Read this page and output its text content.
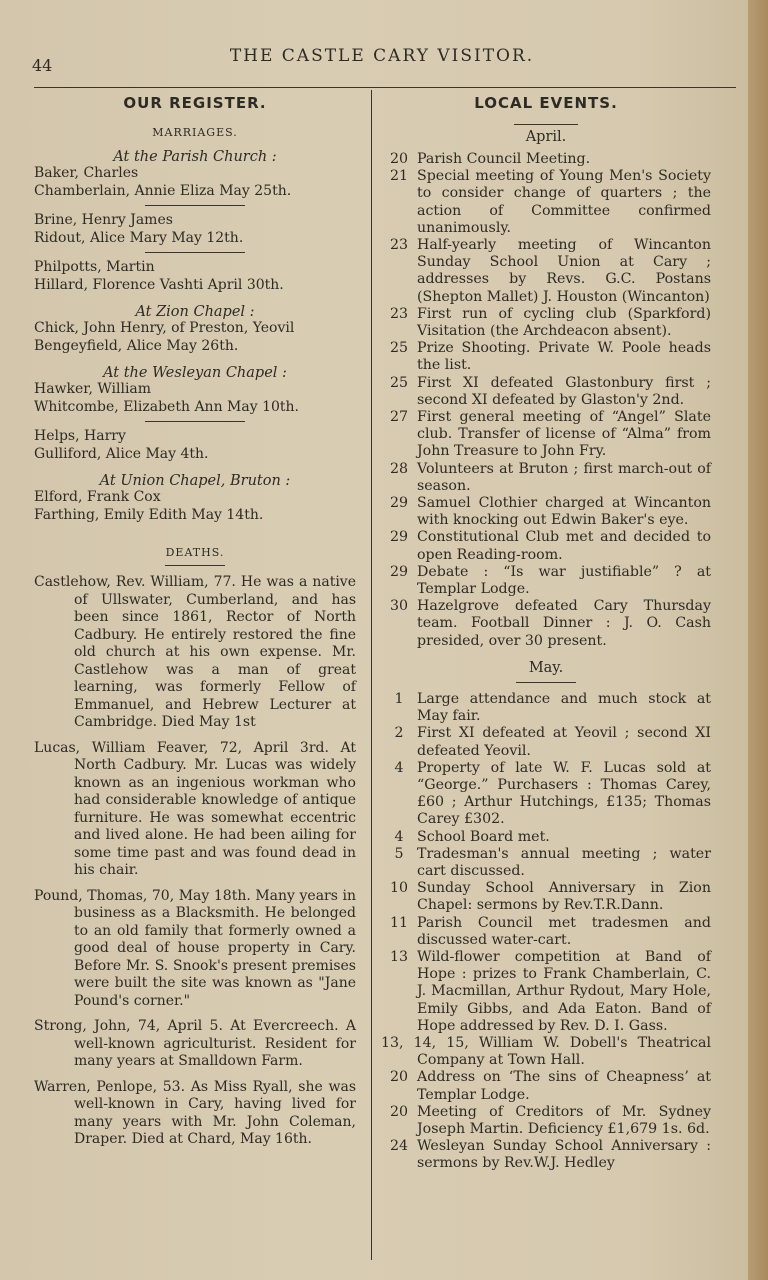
44	THE CASTLE CARY VISITOR.
OUR REGISTER.
MARRIAGES.
At the Parish Church :
Baker, Charles
Chamberlain, Annie Eliza May 25th.
Brine, Henry James
Ridout, Alice Mary May 12th.
Philpotts, Martin
Hillard, Florence Vashti April 30th.
At Zion Chapel :
Chick, John Henry, of Preston, Yeovil
Bengeyfield, Alice May 26th.
At the Wesleyan Chapel :
Hawker, William
Whitcombe, Elizabeth Ann May 10th.
Helps, Harry
Gulliford, Alice May 4th.
At Union Chapel, Bruton :
Elford, Frank Cox
Farthing, Emily Edith May 14th.
DEATHS.
Castlehow, Rev. William, 77. He was a native of Ullswater, Cumberland, and has been since 1861, Rector of North Cadbury. He entirely restored the fine old church at his own expense. Mr. Castlehow was a man of great learning, was formerly Fellow of Emmanuel, and Hebrew Lecturer at Cambridge. Died May 1st
Lucas, William Feaver, 72, April 3rd. At North Cadbury. Mr. Lucas was widely known as an ingenious workman who had considerable knowledge of antique furniture. He was somewhat eccentric and lived alone. He had been ailing for some time past and was found dead in his chair.
Pound, Thomas, 70, May 18th. Many years in business as a Blacksmith. He belonged to an old family that formerly owned a good deal of house property in Cary. Before Mr. S. Snook's present premises were built the site was known as "Jane Pound's corner."
Strong, John, 74, April 5. At Evercreech. A well-known agriculturist. Resident for many years at Smalldown Farm.
Warren, Penlope, 53. As Miss Ryall, she was well-known in Cary, having lived for many years with Mr. John Coleman, Draper. Died at Chard, May 16th.
LOCAL EVENTS.
April.
20 Parish Council Meeting.
21 Special meeting of Young Men's Society to consider change of quarters ; the action of Committee confirmed unanimously.
23 Half-yearly meeting of Wincanton Sunday School Union at Cary ; addresses by Revs. G.C. Postans (Shepton Mallet) J. Houston (Wincanton)
23 First run of cycling club (Sparkford) Visitation (the Archdeacon absent).
25 Prize Shooting. Private W. Poole heads the list.
25 First XI defeated Glastonbury first ; second XI defeated by Glaston'y 2nd.
27 First general meeting of “Angel” Slate club. Transfer of license of “Alma” from John Treasure to John Fry.
28 Volunteers at Bruton ; first march-out of season.
29 Samuel Clothier charged at Wincanton with knocking out Edwin Baker's eye.
29 Constitutional Club met and decided to open Reading-room.
29 Debate : “Is war justifiable” ? at Templar Lodge.
30 Hazelgrove defeated Cary Thursday team. Football Dinner : J. O. Cash presided, over 30 present.
May.
1 Large attendance and much stock at May fair.
2 First XI defeated at Yeovil ; second XI defeated Yeovil.
4 Property of late W. F. Lucas sold at “George.” Purchasers : Thomas Carey, £60 ; Arthur Hutchings, £135; Thomas Carey £302.
4 School Board met.
5 Tradesman's annual meeting ; water cart discussed.
10 Sunday School Anniversary in Zion Chapel: sermons by Rev.T.R.Dann.
11 Parish Council met tradesmen and discussed water-cart.
13 Wild-flower competition at Band of Hope : prizes to Frank Chamberlain, C. J. Macmillan, Arthur Rydout, Mary Hole, Emily Gibbs, and Ada Eaton. Band of Hope addressed by Rev. D. I. Gass.
13, 14, 15, William W. Dobell's Theatrical Company at Town Hall.
20 Address on ‘The sins of Cheapness’ at Templar Lodge.
20 Meeting of Creditors of Mr. Sydney Joseph Martin. Deficiency £1,679 1s. 6d.
24 Wesleyan Sunday School Anniversary : sermons by Rev.W.J. Hedley
